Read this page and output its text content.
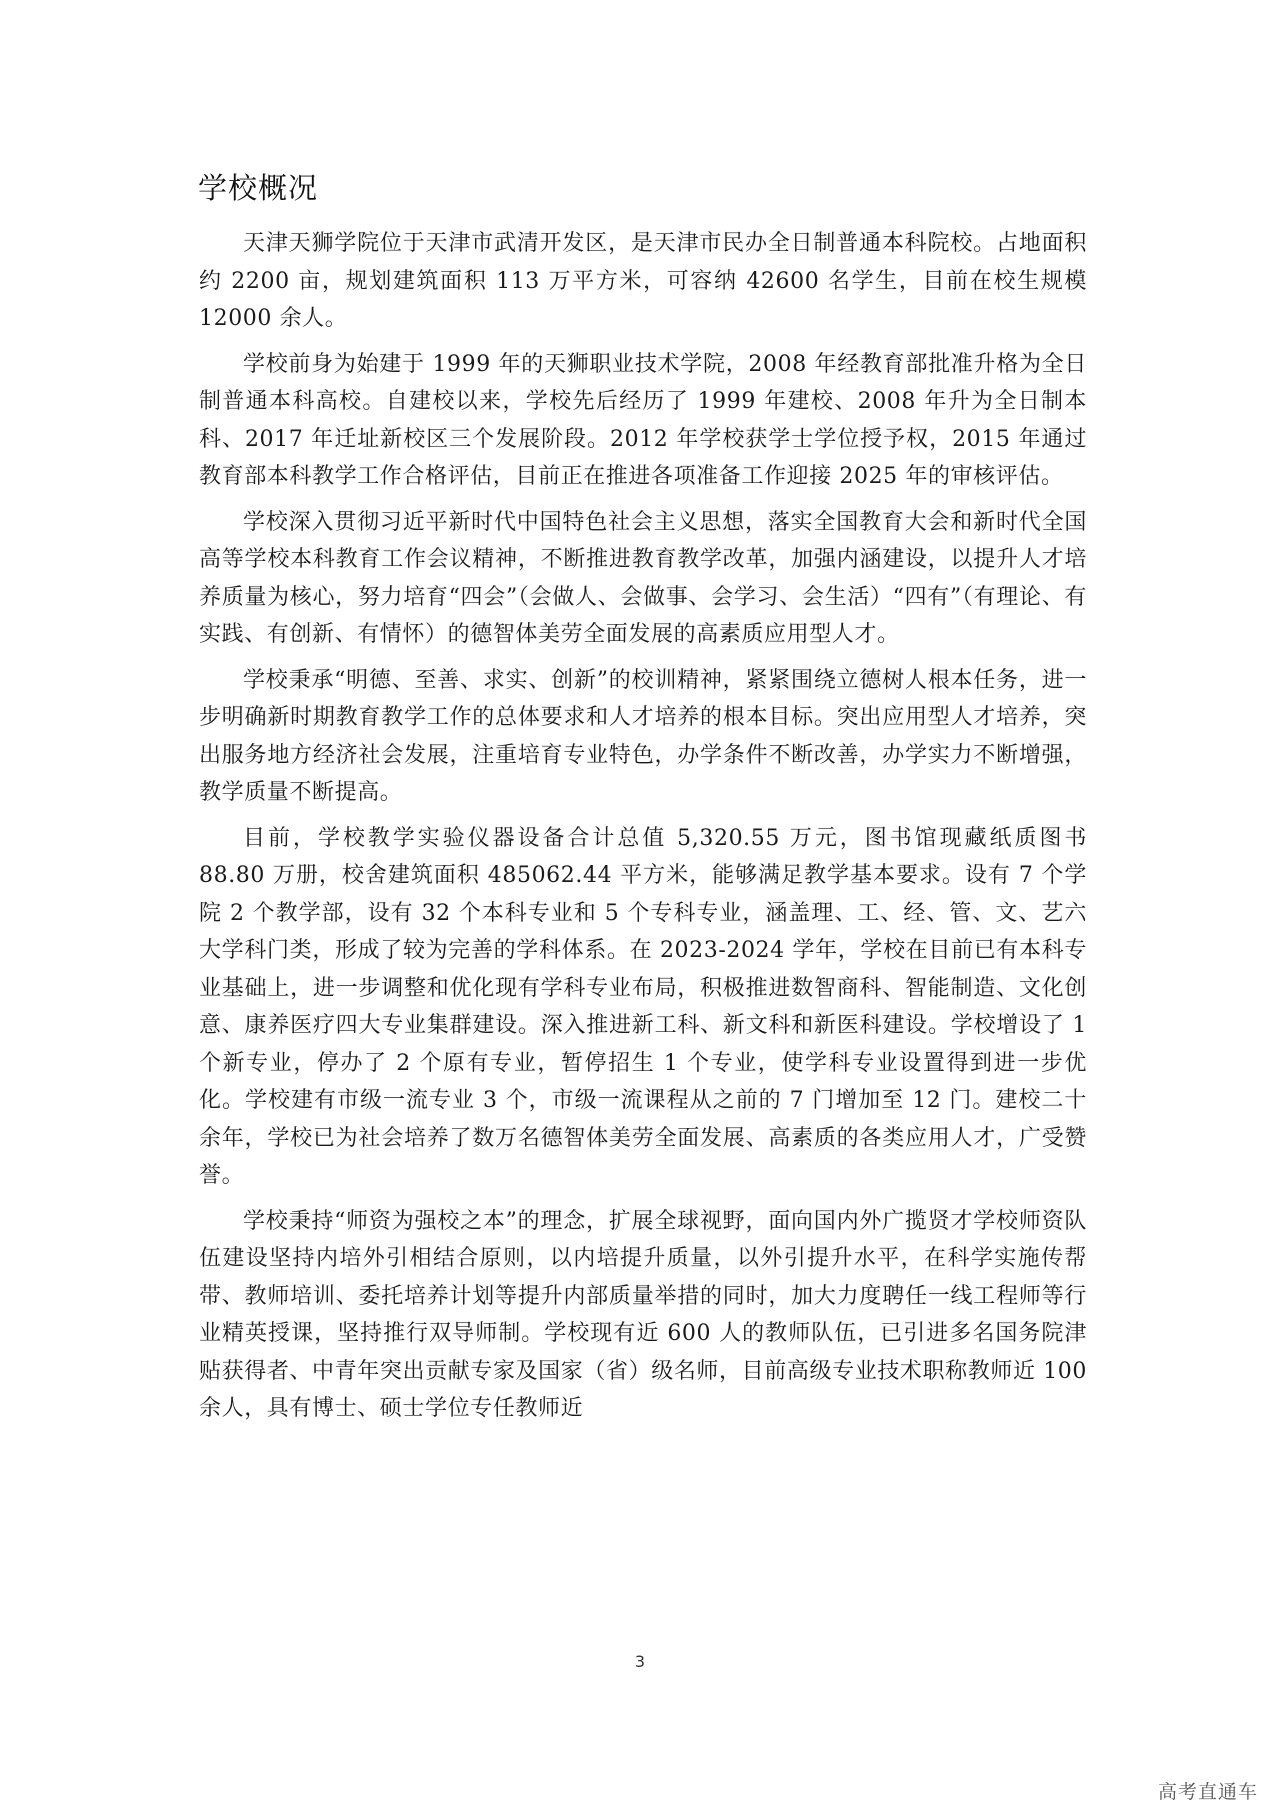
学校概况

天津天狮学院位于天津市武清开发区，是天津市民办全日制普通本科院校。占地面积约 2200 亩，规划建筑面积 113 万平方米，可容纳 42600 名学生，目前在校生规模 12000 余人。

学校前身为始建于 1999 年的天狮职业技术学院，2008 年经教育部批准升格为全日制普通本科高校。自建校以来，学校先后经历了 1999 年建校、2008 年升为全日制本科、2017 年迁址新校区三个发展阶段。2012 年学校获学士学位授予权，2015 年通过教育部本科教学工作合格评估，目前正在推进各项准备工作迎接 2025 年的审核评估。

学校深入贯彻习近平新时代中国特色社会主义思想，落实全国教育大会和新时代全国高等学校本科教育工作会议精神，不断推进教育教学改革，加强内涵建设，以提升人才培养质量为核心，努力培育“四会”（会做人、会做事、会学习、会生活）“四有”（有理论、有实践、有创新、有情怀）的德智体美劳全面发展的高素质应用型人才。

学校秉承“明德、至善、求实、创新”的校训精神，紧紧围绕立德树人根本任务，进一步明确新时期教育教学工作的总体要求和人才培养的根本目标。突出应用型人才培养，突出服务地方经济社会发展，注重培育专业特色，办学条件不断改善，办学实力不断增强，教学质量不断提高。

目前，学校教学实验仪器设备合计总值 5,320.55 万元，图书馆现藏纸质图书 88.80 万册，校舍建筑面积 485062.44 平方米，能够满足教学基本要求。设有 7 个学院 2 个教学部，设有 32 个本科专业和 5 个专科专业，涵盖理、工、经、管、文、艺六大学科门类，形成了较为完善的学科体系。在 2023-2024 学年，学校在目前已有本科专业基础上，进一步调整和优化现有学科专业布局，积极推进数智商科、智能制造、文化创意、康养医疗四大专业集群建设。深入推进新工科、新文科和新医科建设。学校增设了 1 个新专业，停办了 2 个原有专业，暂停招生 1 个专业，使学科专业设置得到进一步优化。学校建有市级一流专业 3 个，市级一流课程从之前的 7 门增加至 12 门。建校二十余年，学校已为社会培养了数万名德智体美劳全面发展、高素质的各类应用人才，广受赞誉。

学校秉持“师资为强校之本”的理念，扩展全球视野，面向国内外广揽贤才学校师资队伍建设坚持内培外引相结合原则，以内培提升质量，以外引提升水平，在科学实施传帮带、教师培训、委托培养计划等提升内部质量举措的同时，加大力度聘任一线工程师等行业精英授课，坚持推行双导师制。学校现有近 600 人的教师队伍，已引进多名国务院津贴获得者、中青年突出贡献专家及国家（省）级名师，目前高级专业技术职称教师近 100 余人，具有博士、硕士学位专任教师近

3
高考直通车
